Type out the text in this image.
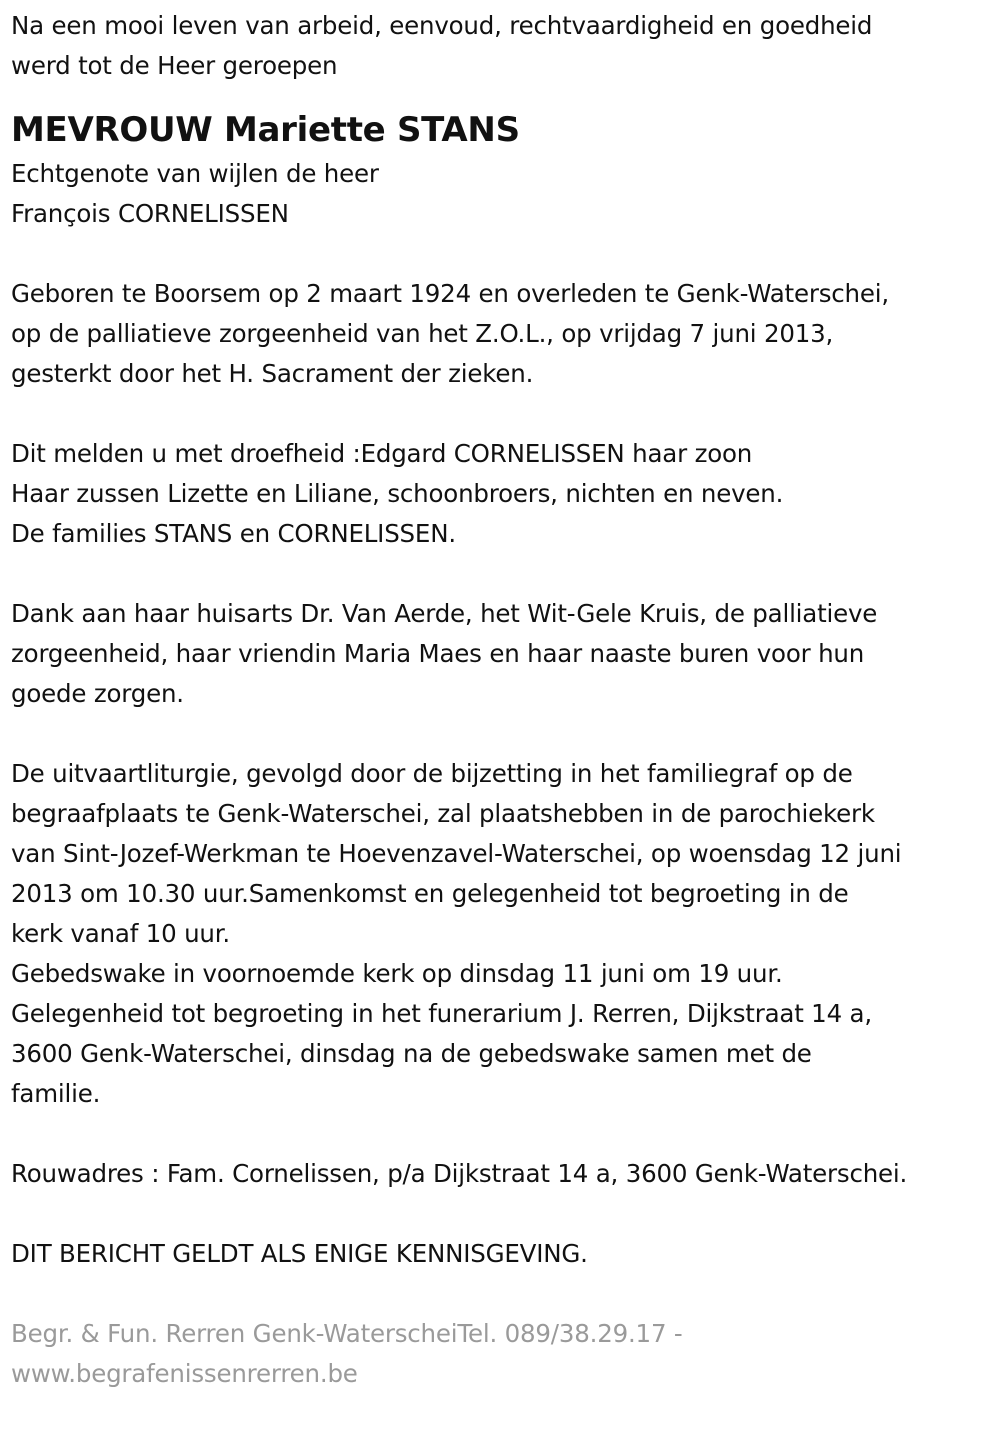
Na een mooi leven van arbeid, eenvoud, rechtvaardigheid en goedheid
werd tot de Heer geroepen
MEVROUW Mariette STANS
Echtgenote van wijlen de heer
François CORNELISSEN
Geboren te Boorsem op 2 maart 1924 en overleden te Genk-Waterschei,
op de palliatieve zorgeenheid van het Z.O.L., op vrijdag 7 juni 2013,
gesterkt door het H. Sacrament der zieken.
Dit melden u met droefheid :Edgard CORNELISSEN haar zoon
Haar zussen Lizette en Liliane, schoonbroers, nichten en neven.
De families STANS en CORNELISSEN.
Dank aan haar huisarts Dr. Van Aerde, het Wit-Gele Kruis, de palliatieve
zorgeenheid, haar vriendin Maria Maes en haar naaste buren voor hun
goede zorgen.
De uitvaartliturgie, gevolgd door de bijzetting in het familiegraf op de
begraafplaats te Genk-Waterschei, zal plaatshebben in de parochiekerk
van Sint-Jozef-Werkman te Hoevenzavel-Waterschei, op woensdag 12 juni
2013 om 10.30 uur.Samenkomst en gelegenheid tot begroeting in de
kerk vanaf 10 uur.
Gebedswake in voornoemde kerk op dinsdag 11 juni om 19 uur.
Gelegenheid tot begroeting in het funerarium J. Rerren, Dijkstraat 14 a,
3600 Genk-Waterschei, dinsdag na de gebedswake samen met de
familie.
Rouwadres : Fam. Cornelissen, p/a Dijkstraat 14 a, 3600 Genk-Waterschei.
DIT BERICHT GELDT ALS ENIGE KENNISGEVING.
Begr. & Fun. Rerren Genk-WaterscheiTel. 089/38.29.17 -
www.begrafenissenrerren.be
